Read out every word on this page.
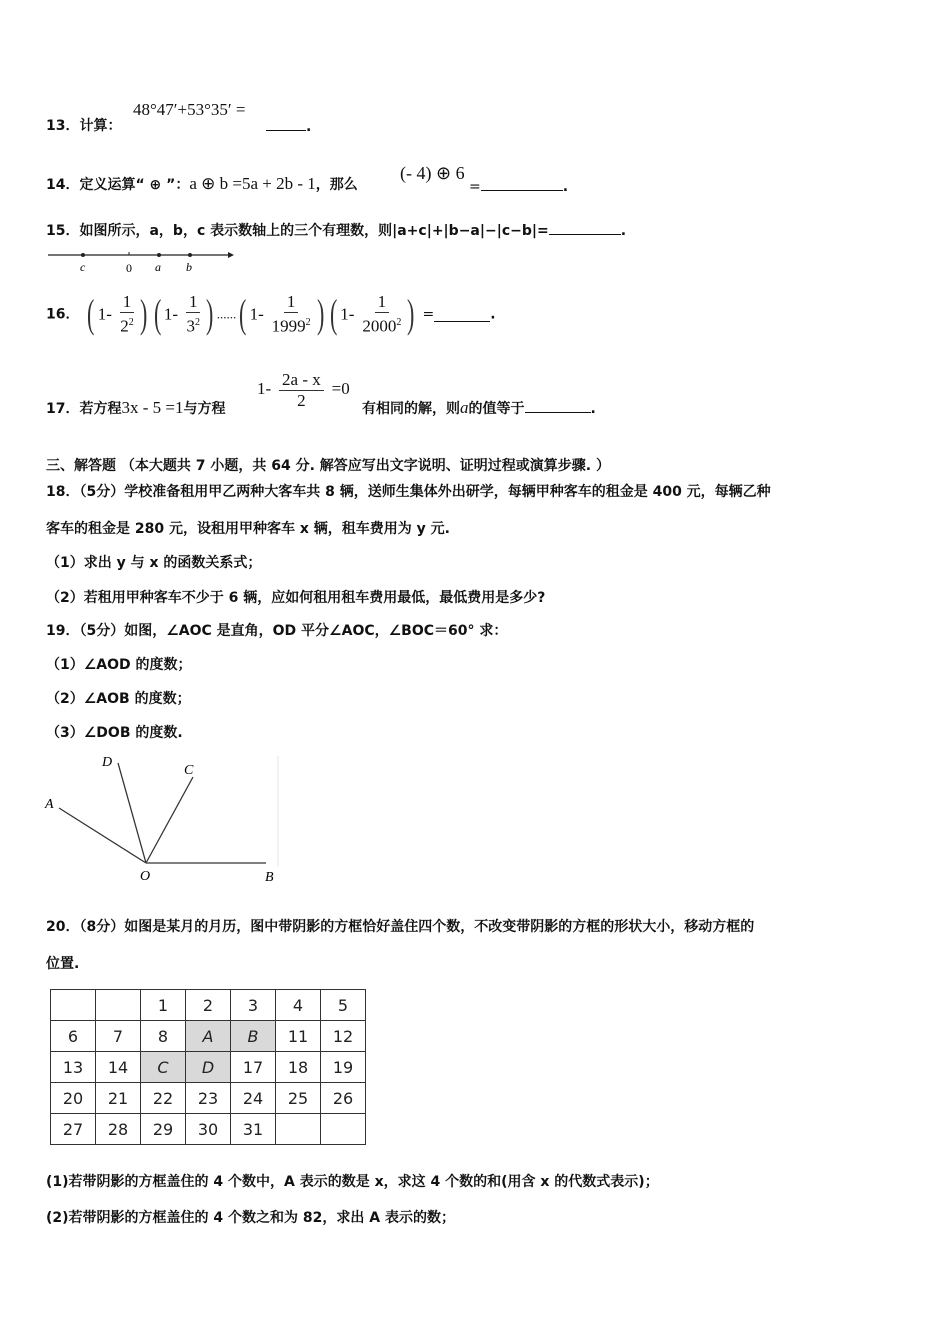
13．计算：
48°47′+53°35′ =
.
14．定义运算“ ⊕ ”：a ⊕ b =5a + 2b - 1，那么
(- 4) ⊕ 6
=	.
15．如图所示，a，b，c 表示数轴上的三个有理数，则|a+c|+|b−a|−|c−b|=	.
c	0 a b
16． ( $1- \frac{1}{2^2}$ ) ( $1- \frac{1}{3^2}$ ) ......( $1- \frac{1}{1999^2}$ ) ( $1- \frac{1}{2000^2}$ ) =	.
17．若方程3x - 5 =1与方程
$1- \frac{2a - x}{2} =0$
有相同的解，则a的值等于	.
三、解答题 （本大题共 7 小题，共 64 分. 解答应写出文字说明、证明过程或演算步骤. ）
18．（5分）学校准备租用甲乙两种大客车共 8 辆，送师生集体外出研学，每辆甲种客车的租金是 400 元，每辆乙种
客车的租金是 280 元，设租用甲种客车 x 辆，租车费用为 y 元.
（1）求出 y 与 x 的函数关系式；
（2）若租用甲种客车不少于 6 辆，应如何租用租车费用最低，最低费用是多少?
19．（5分）如图，∠AOC 是直角，OD 平分∠AOC，∠BOC＝60° 求：
（1）∠AOD 的度数；
（2）∠AOB 的度数；
（3）∠DOB 的度数.
A
D
C
O	B
20．（8分）如图是某月的月历，图中带阴影的方框恰好盖住四个数，不改变带阴影的方框的形状大小，移动方框的
位置.
		1	2	3	4	5
6	7	8	A	B	11	12
13	14	C	D	17	18	19
20	21	22	23	24	25	26
27	28	29	30	31		
(1)若带阴影的方框盖住的 4 个数中，A 表示的数是 x，求这 4 个数的和(用含 x 的代数式表示)；
(2)若带阴影的方框盖住的 4 个数之和为 82，求出 A 表示的数；
